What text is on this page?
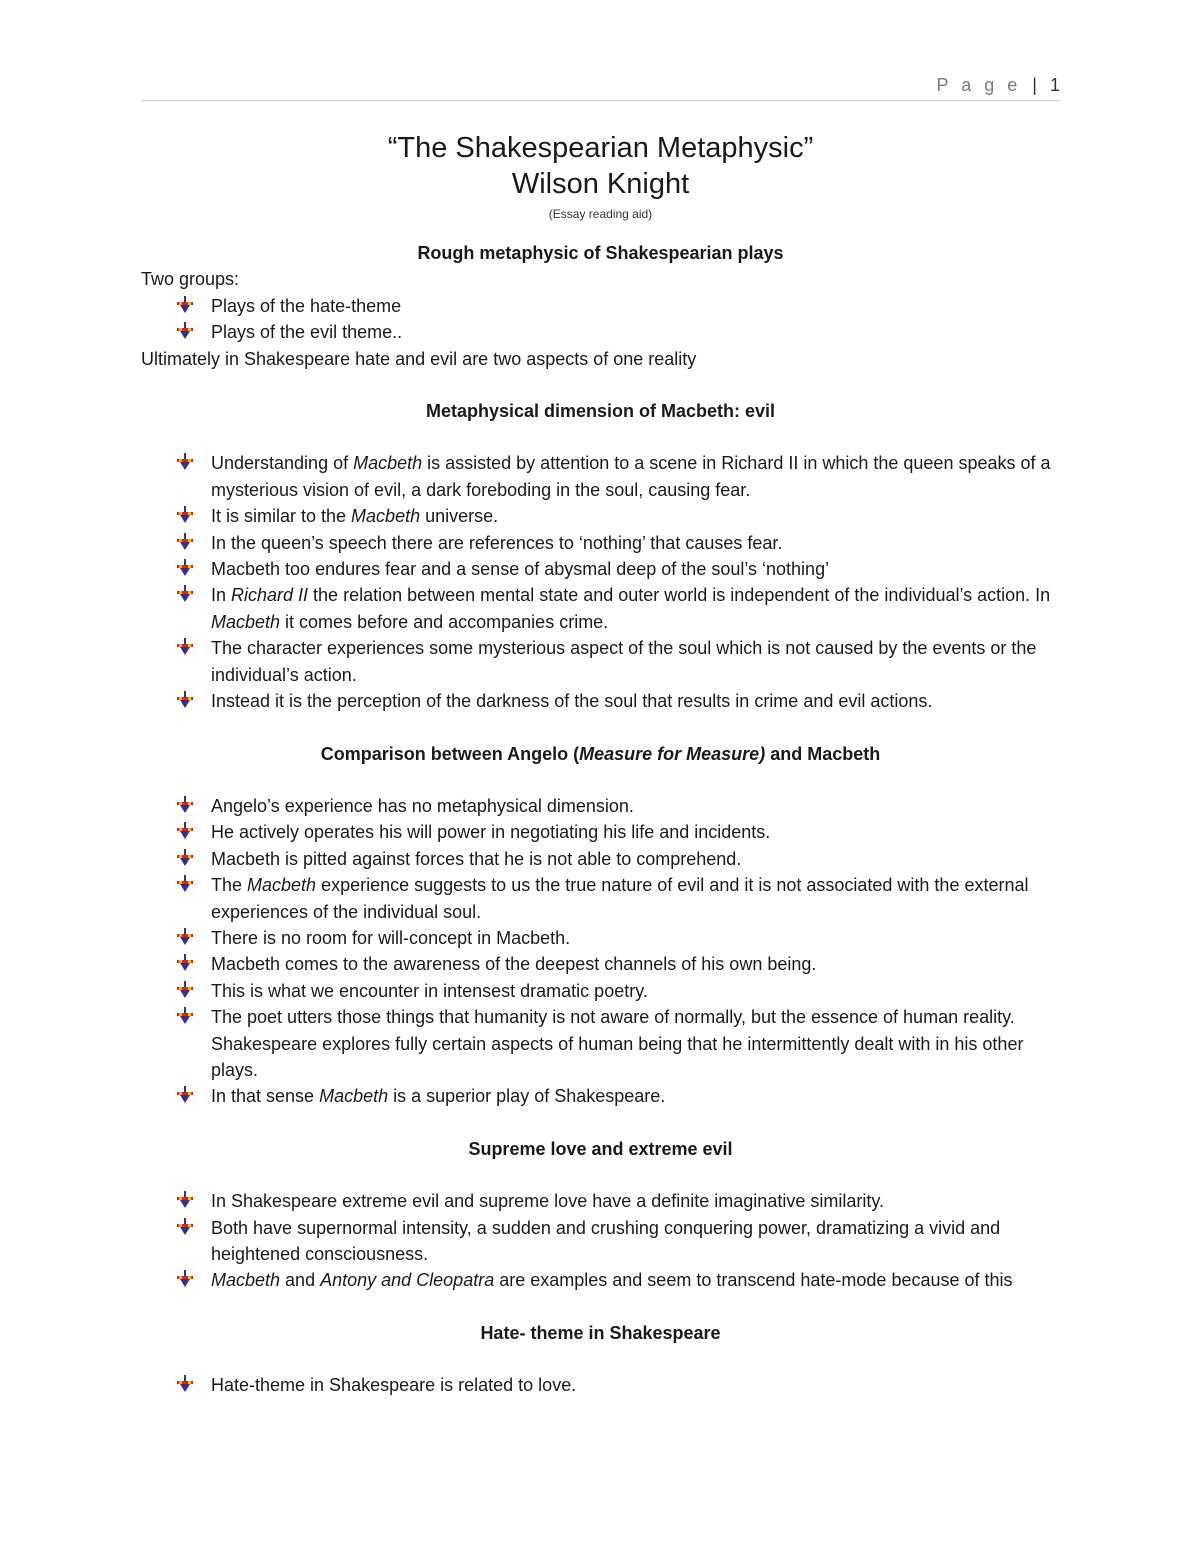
P a g e | 1
“The Shakespearian Metaphysic”
Wilson Knight
(Essay reading aid)

Rough metaphysic of Shakespearian plays

Two groups:

Plays of the hate-theme
Plays of the evil theme..

Ultimately in Shakespeare hate and evil are two aspects of one reality

Metaphysical dimension of Macbeth: evil

Understanding of Macbeth is assisted by attention to a scene in Richard II in which the queen speaks of a mysterious vision of evil, a dark foreboding in the soul, causing fear.
It is similar to the Macbeth universe.
In the queen’s speech there are references to ‘nothing’ that causes fear.
Macbeth too endures fear and a sense of abysmal deep of the soul’s ‘nothing’
In Richard II the relation between mental state and outer world is independent of the individual’s action. In Macbeth it comes before and accompanies crime.
The character experiences some mysterious aspect of the soul which is not caused by the events or the individual’s action.
Instead it is the perception of the darkness of the soul that results in crime and evil actions.

Comparison between Angelo (Measure for Measure) and Macbeth

Angelo’s experience has no metaphysical dimension.
He actively operates his will power in negotiating his life and incidents.
Macbeth is pitted against forces that he is not able to comprehend.
The Macbeth experience suggests to us the true nature of evil and it is not associated with the external experiences of the individual soul.
There is no room for will-concept in Macbeth.
Macbeth comes to the awareness of the deepest channels of his own being.
This is what we encounter in intensest dramatic poetry.
The poet utters those things that humanity is not aware of normally, but the essence of human reality. Shakespeare explores fully certain aspects of human being that he intermittently dealt with in his other plays.
In that sense Macbeth is a superior play of Shakespeare.

Supreme love and extreme evil

In Shakespeare extreme evil and supreme love have a definite imaginative similarity.
Both have supernormal intensity, a sudden and crushing conquering power, dramatizing a vivid and heightened consciousness.
Macbeth and Antony and Cleopatra are examples and seem to transcend hate-mode because of this

Hate- theme in Shakespeare

Hate-theme in Shakespeare is related to love.
